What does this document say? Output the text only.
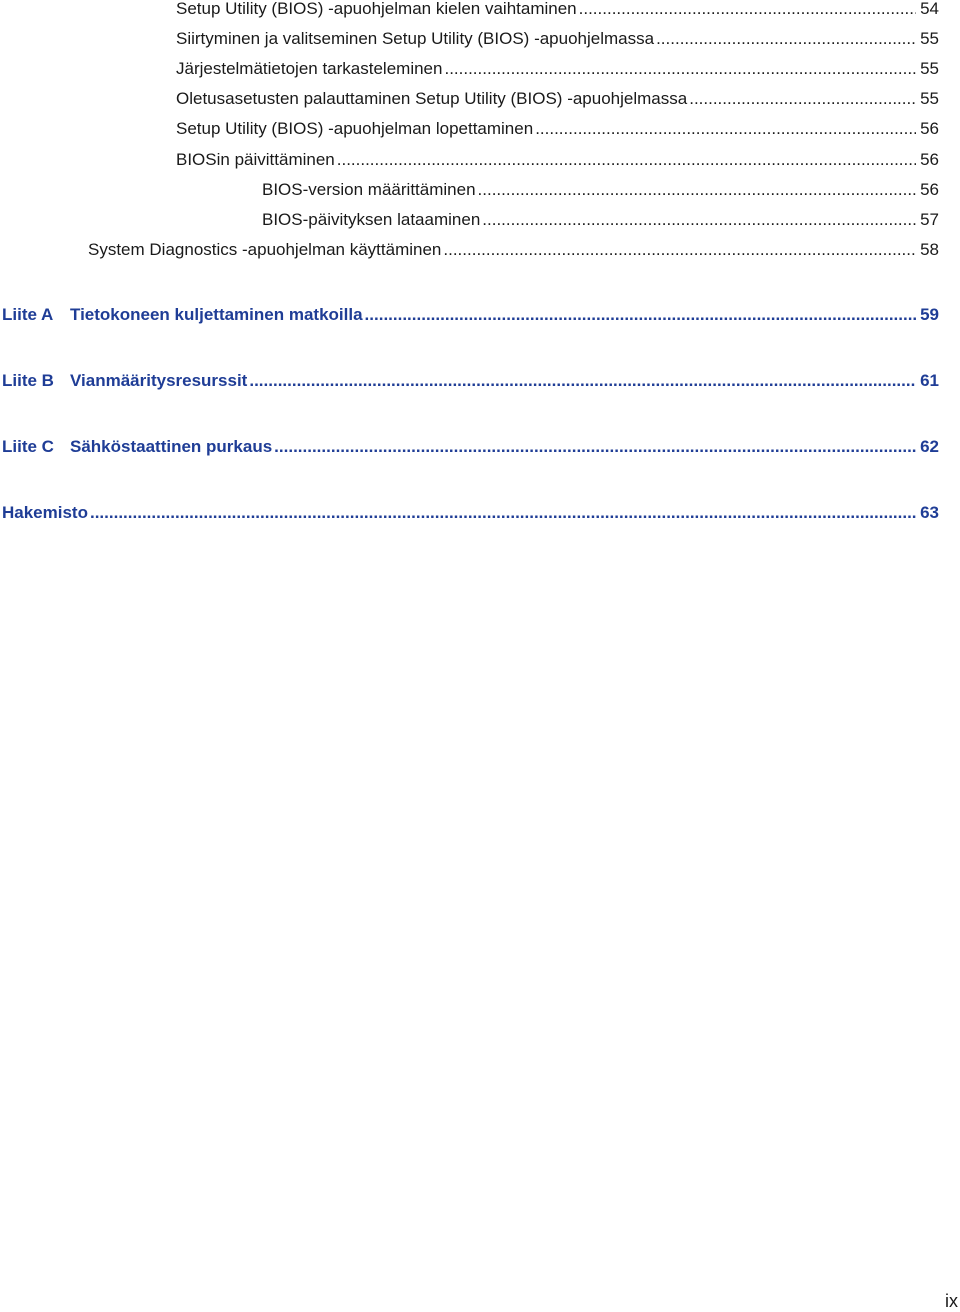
Setup Utility (BIOS) -apuohjelman kielen vaihtaminen .....	54
Siirtyminen ja valitseminen Setup Utility (BIOS) -apuohjelmassa .....	55
Järjestelmätietojen tarkasteleminen .....	55
Oletusasetusten palauttaminen Setup Utility (BIOS) -apuohjelmassa .....	55
Setup Utility (BIOS) -apuohjelman lopettaminen .....	56
BIOSin päivittäminen .....	56
BIOS-version määrittäminen .....	56
BIOS-päivityksen lataaminen .....	57
System Diagnostics -apuohjelman käyttäminen .....	58
Liite A Tietokoneen kuljettaminen matkoilla .....	59
Liite B Vianmääritysresurssit .....	61
Liite C Sähköstaattinen purkaus .....	62
Hakemisto .....	63
ix
